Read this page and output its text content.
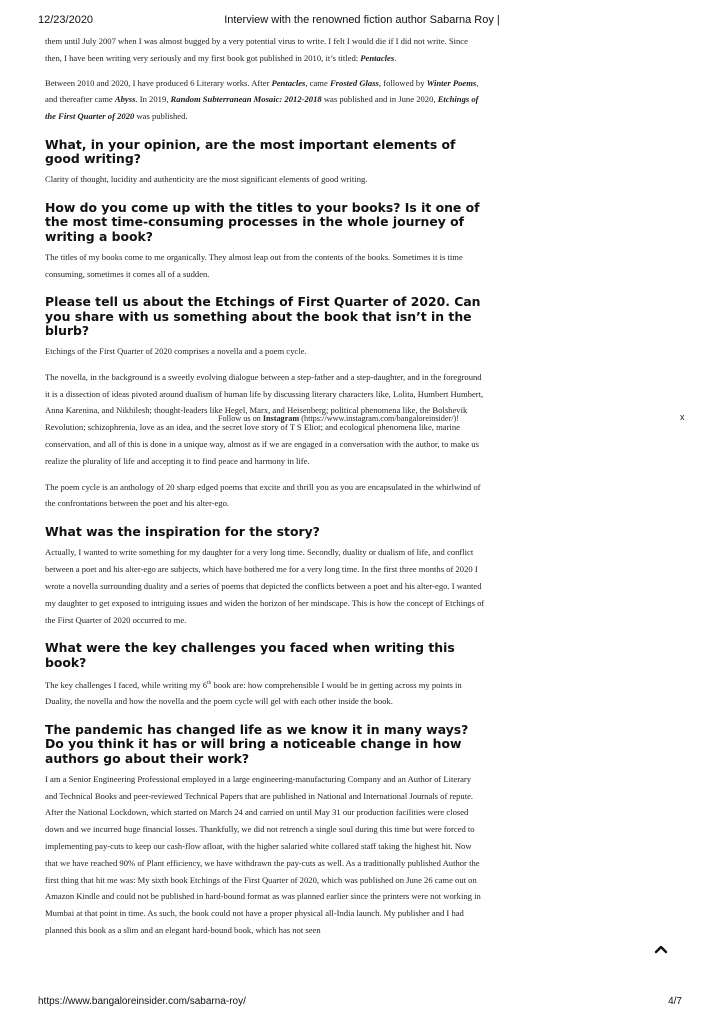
12/23/2020	Interview with the renowned fiction author Sabarna Roy |

them until July 2007 when I was almost bugged by a very potential virus to write. I felt I would die if I did not write. Since then, I have been writing very seriously and my first book got published in 2010, it’s titled: Pentacles.

Between 2010 and 2020, I have produced 6 Literary works. After Pentacles, came Frosted Glass, followed by Winter Poems, and thereafter came Abyss. In 2019, Random Subterranean Mosaic: 2012-2018 was published and in June 2020, Etchings of the First Quarter of 2020 was published.

What, in your opinion, are the most important elements of good writing?

Clarity of thought, lucidity and authenticity are the most significant elements of good writing.

How do you come up with the titles to your books? Is it one of the most time-consuming processes in the whole journey of writing a book?

The titles of my books come to me organically. They almost leap out from the contents of the books. Sometimes it is time consuming, sometimes it comes all of a sudden.

Please tell us about the Etchings of First Quarter of 2020. Can you share with us something about the book that isn’t in the blurb?

Etchings of the First Quarter of 2020 comprises a novella and a poem cycle.

The novella, in the background is a sweetly evolving dialogue between a step-father and a step-daughter, and in the foreground it is a dissection of ideas pivoted around dualism of human life by discussing literary characters like, Lolita, Humbert Humbert, Anna Karenina, and Nikhilesh; thought-leaders like Hegel, Marx, and Heisenberg; political phenomena like, the Bolshevik Revolution; schizophrenia, love as an idea, and the secret love story of T S Eliot; and ecological phenomena like, marine conservation, and all of this is done in a unique way, almost as if we are engaged in a conversation with the author, to make us realize the plurality of life and accepting it to find peace and harmony in life.

The poem cycle is an anthology of 20 sharp edged poems that excite and thrill you as you are encapsulated in the whirlwind of the confrontations between the poet and his alter-ego.

What was the inspiration for the story?

Actually, I wanted to write something for my daughter for a very long time. Secondly, duality or dualism of life, and conflict between a poet and his alter-ego are subjects, which have bothered me for a very long time. In the first three months of 2020 I wrote a novella surrounding duality and a series of poems that depicted the conflicts between a poet and his alter-ego. I wanted my daughter to get exposed to intriguing issues and widen the horizon of her mindscape. This is how the concept of Etchings of the First Quarter of 2020 occurred to me.

What were the key challenges you faced when writing this book?

The key challenges I faced, while writing my 6th book are: how comprehensible I would be in getting across my points in Duality, the novella and how the novella and the poem cycle will gel with each other inside the book.

The pandemic has changed life as we know it in many ways? Do you think it has or will bring a noticeable change in how authors go about their work?

I am a Senior Engineering Professional employed in a large engineering-manufacturing Company and an Author of Literary and Technical Books and peer-reviewed Technical Papers that are published in National and International Journals of repute. After the National Lockdown, which started on March 24 and carried on until May 31 our production facilities were closed down and we incurred huge financial losses. Thankfully, we did not retrench a single soul during this time but were forced to implementing pay-cuts to keep our cash-flow afloat, with the higher salaried white collared staff taking the highest hit. Now that we have reached 90% of Plant efficiency, we have withdrawn the pay-cuts as well. As a traditionally published Author the first thing that hit me was: My sixth book Etchings of the First Quarter of 2020, which was published on June 26 came out on Amazon Kindle and could not be published in hard-bound format as was planned earlier since the printers were not working in Mumbai at that point in time. As such, the book could not have a proper physical all-India launch. My publisher and I had planned this book as a slim and an elegant hard-bound book, which has not seen

Follow us on Instagram (https://www.instagram.com/bangaloreinsider/)!	x
https://www.bangaloreinsider.com/sabarna-roy/	4/7
